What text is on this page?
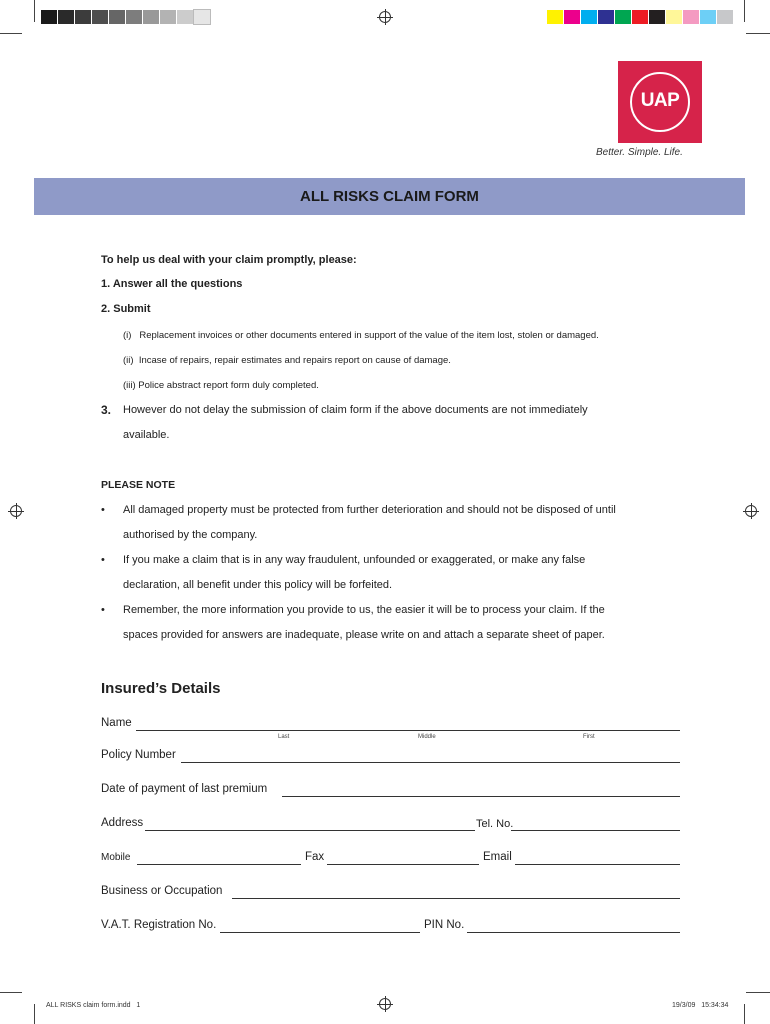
UAP
Better. Simple. Life.
ALL RISKS CLAIM FORM
To help us deal with your claim promptly, please:
1. Answer all the questions
2. Submit
(i)   Replacement invoices or other documents entered in support of the value of the item lost, stolen or damaged.
(ii)  Incase of repairs, repair estimates and repairs report on cause of damage.
(iii) Police abstract report form duly completed.
3. However do not delay the submission of claim form if the above documents are not immediately
available.
PLEASE NOTE
• All damaged property must be protected from further deterioration and should not be disposed of until
authorised by the company.
• If you make a claim that is in any way fraudulent, unfounded or exaggerated, or make any false
declaration, all benefit under this policy will be forfeited.
• Remember, the more information you provide to us, the easier it will be to process your claim. If the
spaces provided for answers are inadequate, please write on and attach a separate sheet of paper.
Insured’s Details
Name
Last	Middle	First
Policy Number
Date of payment of last premium
Address	Tel. No.
Mobile	Fax	Email
Business or Occupation
V.A.T. Registration No.	PIN No.
ALL RISKS claim form.indd   1	19/3/09   15:34:34
